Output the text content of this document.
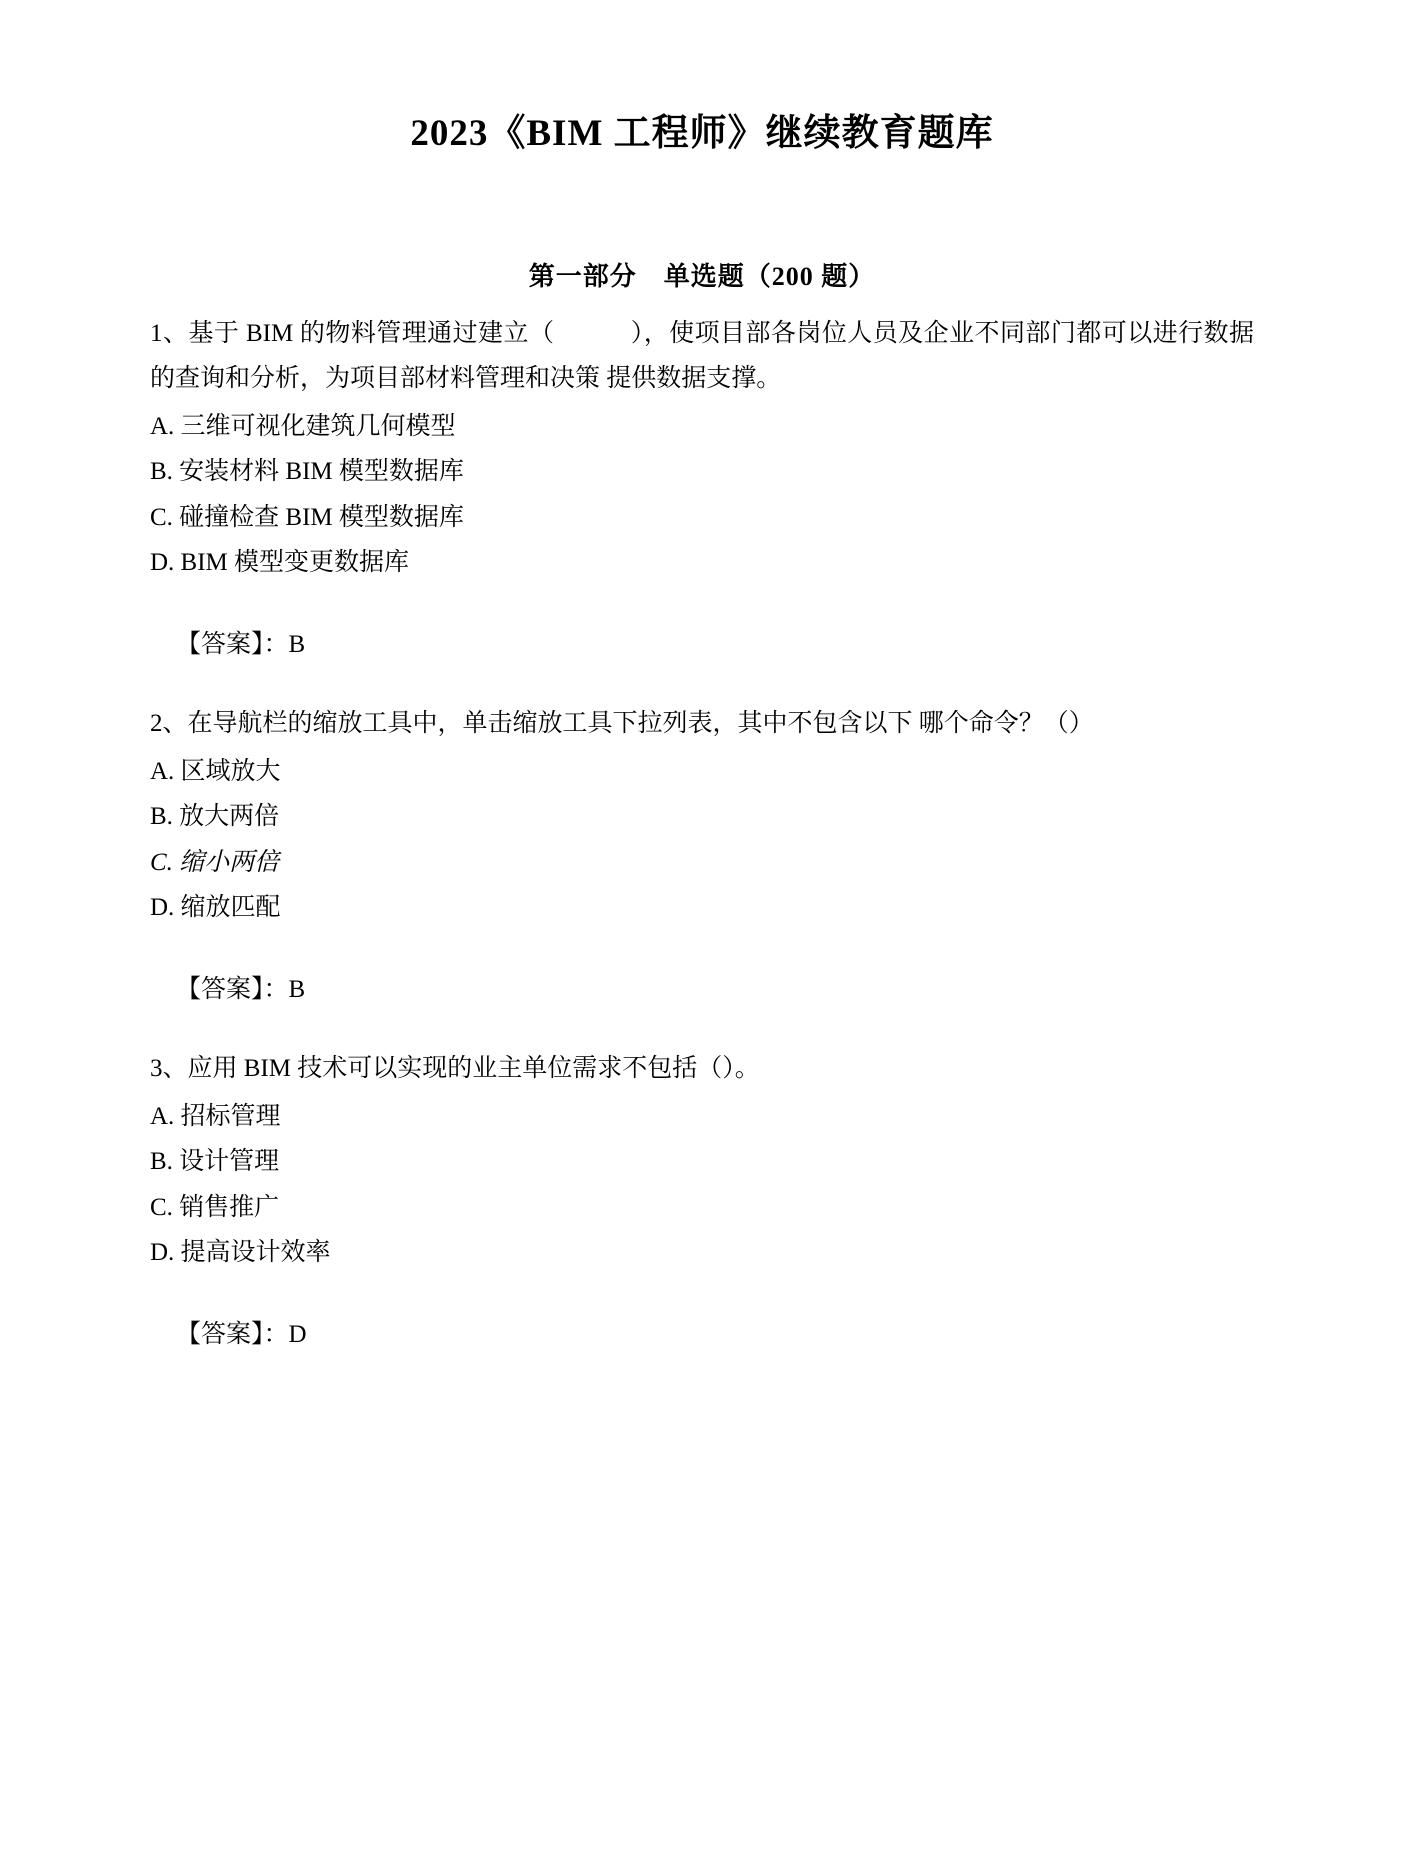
2023《BIM 工程师》继续教育题库
第一部分　单选题（200 题）

1、基于 BIM 的物料管理通过建立（　　　），使项目部各岗位人员及企业不同部门都可以进行数据的查询和分析，为项目部材料管理和决策 提供数据支撑。

A. 三维可视化建筑几何模型

B. 安装材料 BIM 模型数据库

C. 碰撞检查 BIM 模型数据库

D. BIM 模型变更数据库

【答案】：B

2、在导航栏的缩放工具中，单击缩放工具下拉列表，其中不包含以下 哪个命令？（）

A. 区域放大

B. 放大两倍

C. 缩小两倍

D. 缩放匹配

【答案】：B

3、应用 BIM 技术可以实现的业主单位需求不包括（）。

A. 招标管理

B. 设计管理

C. 销售推广

D. 提高设计效率

【答案】：D
